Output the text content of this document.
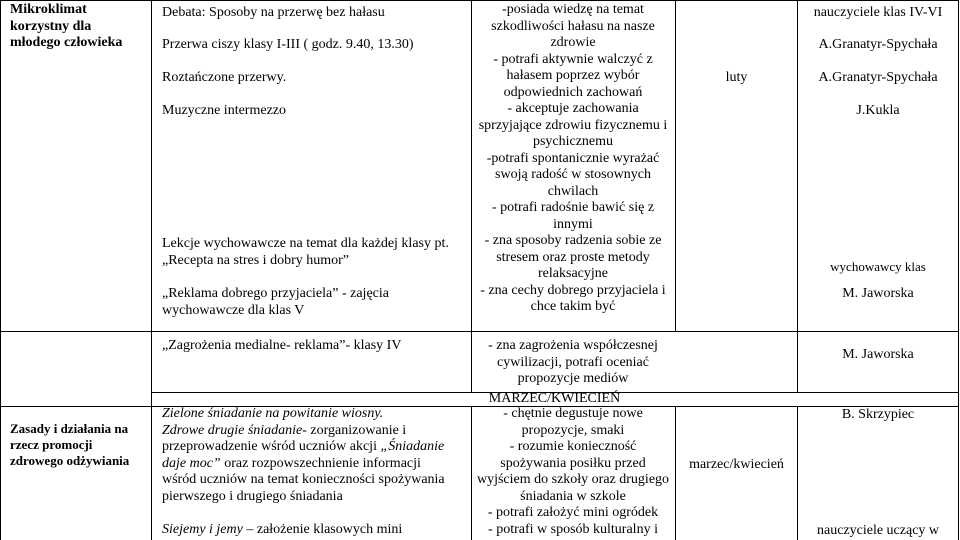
Mikroklimat

korzystny dla

młodego człowieka

Debata: Sposoby na przerwę bez hałasu

Przerwa ciszy klasy I-III ( godz. 9.40, 13.30)

Roztańczone przerwy.

Muzyczne intermezzo

Lekcje wychowawcze na temat dla każdej klasy pt.

„Recepta na stres i dobry humor”

„Reklama dobrego przyjaciela” - zajęcia

wychowawcze dla klas V

-posiada wiedzę na temat

szkodliwości hałasu na nasze

zdrowie

- potrafi aktywnie walczyć z

hałasem poprzez wybór

odpowiednich zachowań

- akceptuje zachowania

sprzyjające zdrowiu fizycznemu i

psychicznemu

-potrafi spontanicznie wyrażać

swoją radość w stosownych

chwilach

- potrafi radośnie bawić się z

innymi

- zna sposoby radzenia sobie ze

stresem oraz proste metody

relaksacyjne

- zna cechy dobrego przyjaciela i

chce takim być

luty

nauczyciele klas IV-VI

A.Granatyr-Spychała

A.Granatyr-Spychała

J.Kukla

wychowawcy klas

M. Jaworska

„Zagrożenia medialne- reklama”- klasy IV	- zna zagrożenia współczesnej

cywilizacji, potrafi oceniać

propozycje mediów

M. Jaworska
MARZEC/KWIECIEŃ

Zasady i działania na

rzecz promocji

zdrowego odżywiania

Zielone śniadanie na powitanie wiosny.

Zdrowe drugie śniadanie- zorganizowanie i

przeprowadzenie wśród uczniów akcji „Śniadanie

daje moc” oraz rozpowszechnienie informacji

wśród uczniów na temat konieczności spożywania

pierwszego i drugiego śniadania

Siejemy i jemy – założenie klasowych mini

- chętnie degustuje nowe

propozycje, smaki

- rozumie konieczność

spożywania posiłku przed

wyjściem do szkoły oraz drugiego

śniadania w szkole

- potrafi założyć mini ogródek

- potrafi w sposób kulturalny i

marzec/kwiecień
B. Skrzypiec
nauczyciele uczący w
